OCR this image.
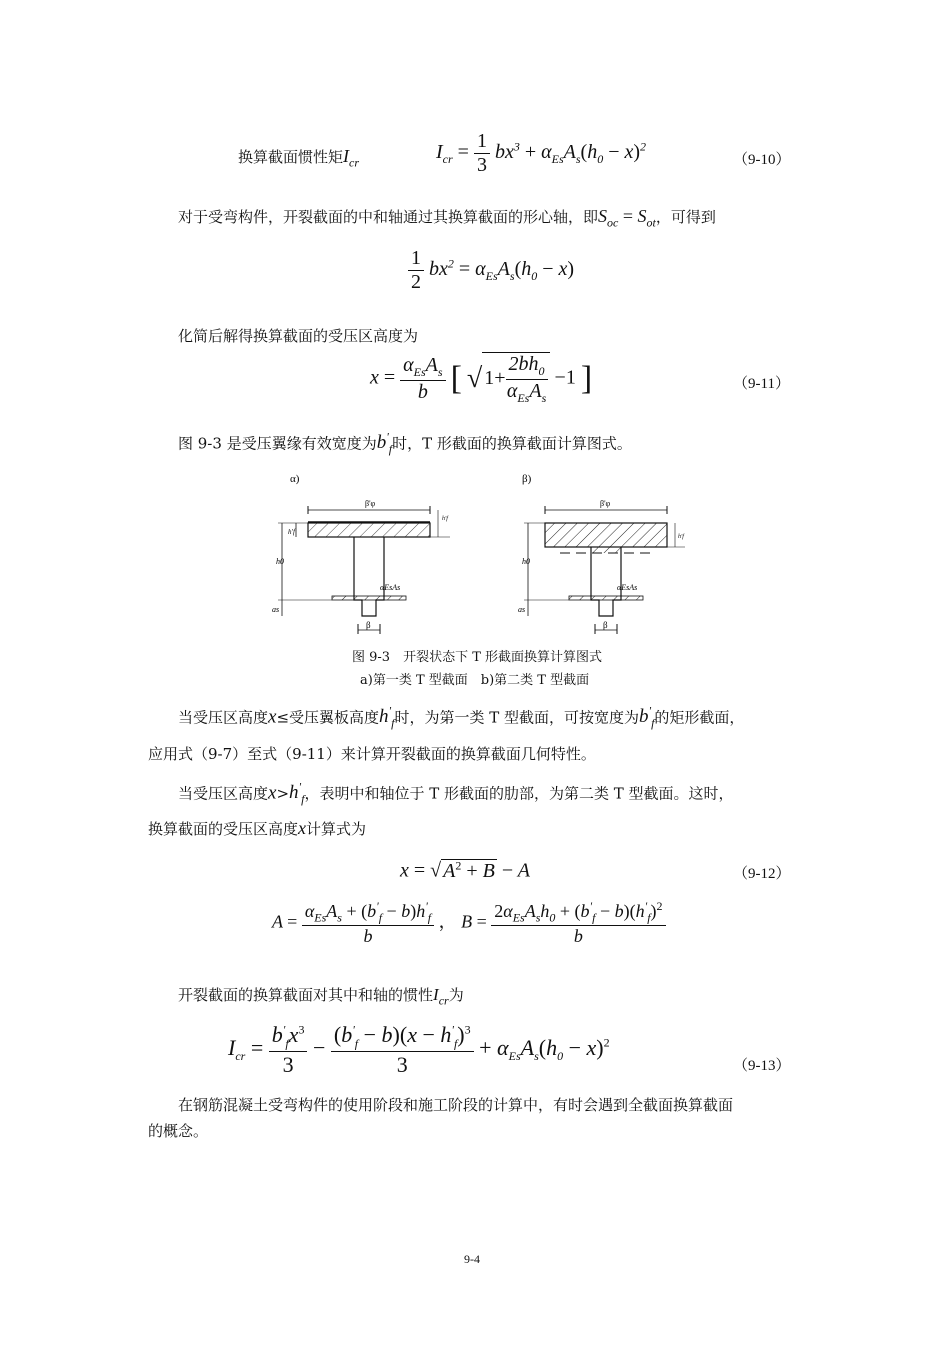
换算截面惯性矩$I_{cr}$	$I_{cr} = \frac{1}{3} bx^3 + \alpha_{Es}A_s(h_0 - x)^2$
（9-10）
对于受弯构件，开裂截面的中和轴通过其换算截面的形心轴，即$S_{oc} = S_{ot}$，可得到
$\frac{1}{2} bx^2 = \alpha_{Es}A_s(h_0 - x)$
化简后解得换算截面的受压区高度为
$x = \frac{\alpha_{Es}A_s}{b}$ [ √ $1+ \frac{2bh_0}{\alpha_{Es}A_s} -1$ ]	（9-11）
图 9-3 是受压翼缘有效宽度为$b'_f$时，T 形截面的换算截面计算图式。
α)	β)
β'φ
αEsAs
h0
as
h'f
h'f
β
β'φ
αEsAs
h0
as
h'f
β
图 9-3　开裂状态下 T 形截面换算计算图式
a)第一类 T 型截面　b)第二类 T 型截面
当受压区高度x≤受压翼板高度$h'_f$时，为第一类 T 型截面，可按宽度为$b'_f$的矩形截面，
应用式（9-7）至式（9-11）来计算开裂截面的换算截面几何特性。
当受压区高度$x>h'_f$，表明中和轴位于 T 形截面的肋部，为第二类 T 型截面。这时，
换算截面的受压区高度x计算式为
x = √ $A^2 + B - A$	（9-12）
$A = \frac{\alpha_{Es}A_s + (b'_f - b)h'_f}{b}$ ， $B = \frac{2\alpha_{Es}A_sh_0 + (b'_f - b)(h'_f)^2}{b}$
开裂截面的换算截面对其中和轴的惯性$I_{cr}$为
$I_{cr} = \frac{b'_fx^3}{3} - \frac{(b'_f - b)(x - h'_f)^3}{3} + \alpha_{Es}A_s(h_0 - x)^2$
（9-13）
在钢筋混凝土受弯构件的使用阶段和施工阶段的计算中，有时会遇到全截面换算截面
的概念。
9-4
